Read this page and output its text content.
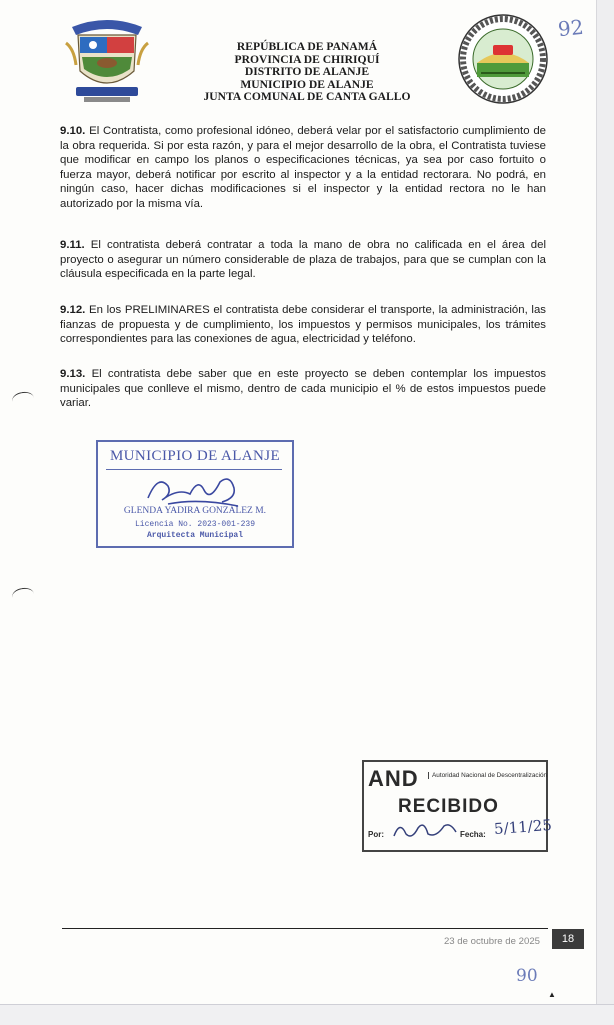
REPÚBLICA DE PANAMÁ
PROVINCIA DE CHIRIQUÍ
DISTRITO DE ALANJE
MUNICIPIO DE ALANJE
JUNTA COMUNAL DE CANTA GALLO
92
9.10. El Contratista, como profesional idóneo, deberá velar por el satisfactorio cumplimiento de la obra requerida. Si por esta razón, y para el mejor desarrollo de la obra, el Contratista tuviese que modificar en campo los planos o especificaciones técnicas, ya sea por caso fortuito o fuerza mayor, deberá notificar por escrito al inspector y a la entidad rectorara. No podrá, en ningún caso, hacer dichas modificaciones si el inspector y la entidad rectora no le han autorizado por la misma vía.
9.11. El contratista deberá contratar a toda la mano de obra no calificada en el área del proyecto o asegurar un número considerable de plaza de trabajos, para que se cumplan con la cláusula especificada en la parte legal.
9.12. En los PRELIMINARES el contratista debe considerar el transporte, la administración, las fianzas de propuesta y de cumplimiento, los impuestos y permisos municipales, los trámites correspondientes para las conexiones de agua, electricidad y teléfono.
9.13. El contratista debe saber que en este proyecto se deben contemplar los impuestos municipales que conlleve el mismo, dentro de cada municipio el % de estos impuestos puede variar.
MUNICIPIO DE ALANJE
GLENDA YADIRA GONZÁLEZ M.
Licencia No. 2023-001-239
Arquitecta Municipal
AND	Autoridad Nacional de Descentralización
RECIBIDO
Por:	Fecha: 5/11/25
23 de octubre de 2025	18
90
▲
